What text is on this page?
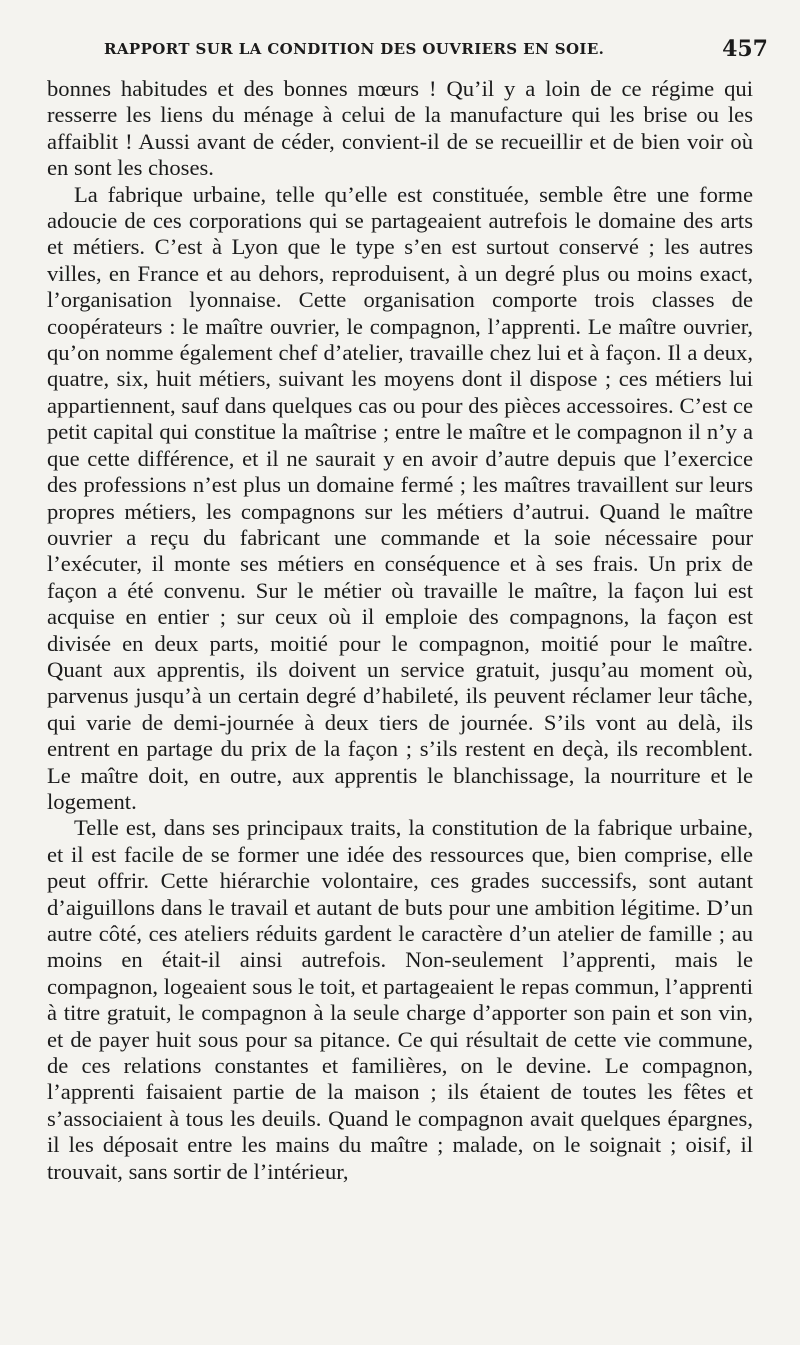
RAPPORT SUR LA CONDITION DES OUVRIERS EN SOIE.	457

bonnes habitudes et des bonnes mœurs ! Qu’il y a loin de ce régime qui resserre les liens du ménage à celui de la manufacture qui les brise ou les affaiblit ! Aussi avant de céder, convient-il de se recueillir et de bien voir où en sont les choses.

La fabrique urbaine, telle qu’elle est constituée, semble être une forme adoucie de ces corporations qui se partageaient autrefois le domaine des arts et métiers. C’est à Lyon que le type s’en est surtout conservé ; les autres villes, en France et au dehors, reproduisent, à un degré plus ou moins exact, l’organisation lyonnaise. Cette organisation comporte trois classes de coopérateurs : le maître ouvrier, le compagnon, l’apprenti. Le maître ouvrier, qu’on nomme également chef d’atelier, travaille chez lui et à façon. Il a deux, quatre, six, huit métiers, suivant les moyens dont il dispose ; ces métiers lui appartiennent, sauf dans quelques cas ou pour des pièces accessoires. C’est ce petit capital qui constitue la maîtrise ; entre le maître et le compagnon il n’y a que cette différence, et il ne saurait y en avoir d’autre depuis que l’exercice des professions n’est plus un domaine fermé ; les maîtres travaillent sur leurs propres métiers, les compagnons sur les métiers d’autrui. Quand le maître ouvrier a reçu du fabricant une commande et la soie nécessaire pour l’exécuter, il monte ses métiers en conséquence et à ses frais. Un prix de façon a été convenu. Sur le métier où travaille le maître, la façon lui est acquise en entier ; sur ceux où il emploie des compagnons, la façon est divisée en deux parts, moitié pour le compagnon, moitié pour le maître. Quant aux apprentis, ils doivent un service gratuit, jusqu’au moment où, parvenus jusqu’à un certain degré d’habileté, ils peuvent réclamer leur tâche, qui varie de demi-journée à deux tiers de journée. S’ils vont au delà, ils entrent en partage du prix de la façon ; s’ils restent en deçà, ils recomblent. Le maître doit, en outre, aux apprentis le blanchissage, la nourriture et le logement.

Telle est, dans ses principaux traits, la constitution de la fabrique urbaine, et il est facile de se former une idée des ressources que, bien comprise, elle peut offrir. Cette hiérarchie volontaire, ces grades successifs, sont autant d’aiguillons dans le travail et autant de buts pour une ambition légitime. D’un autre côté, ces ateliers réduits gardent le caractère d’un atelier de famille ; au moins en était-il ainsi autrefois. Non-seulement l’apprenti, mais le compagnon, logeaient sous le toit, et partageaient le repas commun, l’apprenti à titre gratuit, le compagnon à la seule charge d’apporter son pain et son vin, et de payer huit sous pour sa pitance. Ce qui résultait de cette vie commune, de ces relations constantes et familières, on le devine. Le compagnon, l’apprenti faisaient partie de la maison ; ils étaient de toutes les fêtes et s’associaient à tous les deuils. Quand le compagnon avait quelques épargnes, il les déposait entre les mains du maître ; malade, on le soignait ; oisif, il trouvait, sans sortir de l’intérieur,
